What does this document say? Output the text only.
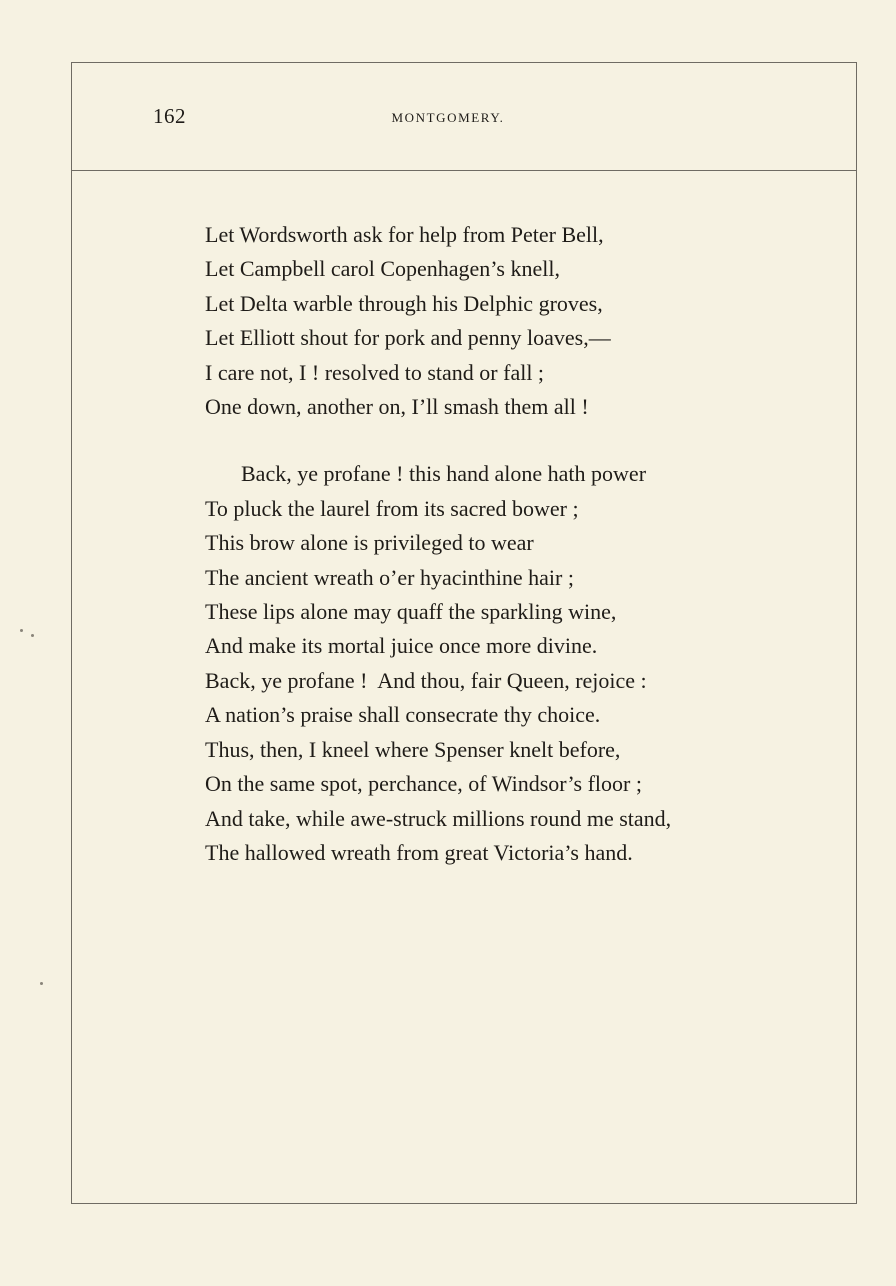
162	MONTGOMERY.
Let Wordsworth ask for help from Peter Bell,
Let Campbell carol Copenhagen’s knell,
Let Delta warble through his Delphic groves,
Let Elliott shout for pork and penny loaves,—
I care not, I ! resolved to stand or fall ;
One down, another on, I’ll smash them all !
Back, ye profane ! this hand alone hath power
To pluck the laurel from its sacred bower ;
This brow alone is privileged to wear
The ancient wreath o’er hyacinthine hair ;
These lips alone may quaff the sparkling wine,
And make its mortal juice once more divine.
Back, ye profane !  And thou, fair Queen, rejoice :
A nation’s praise shall consecrate thy choice.
Thus, then, I kneel where Spenser knelt before,
On the same spot, perchance, of Windsor’s floor ;
And take, while awe-struck millions round me stand,
The hallowed wreath from great Victoria’s hand.
